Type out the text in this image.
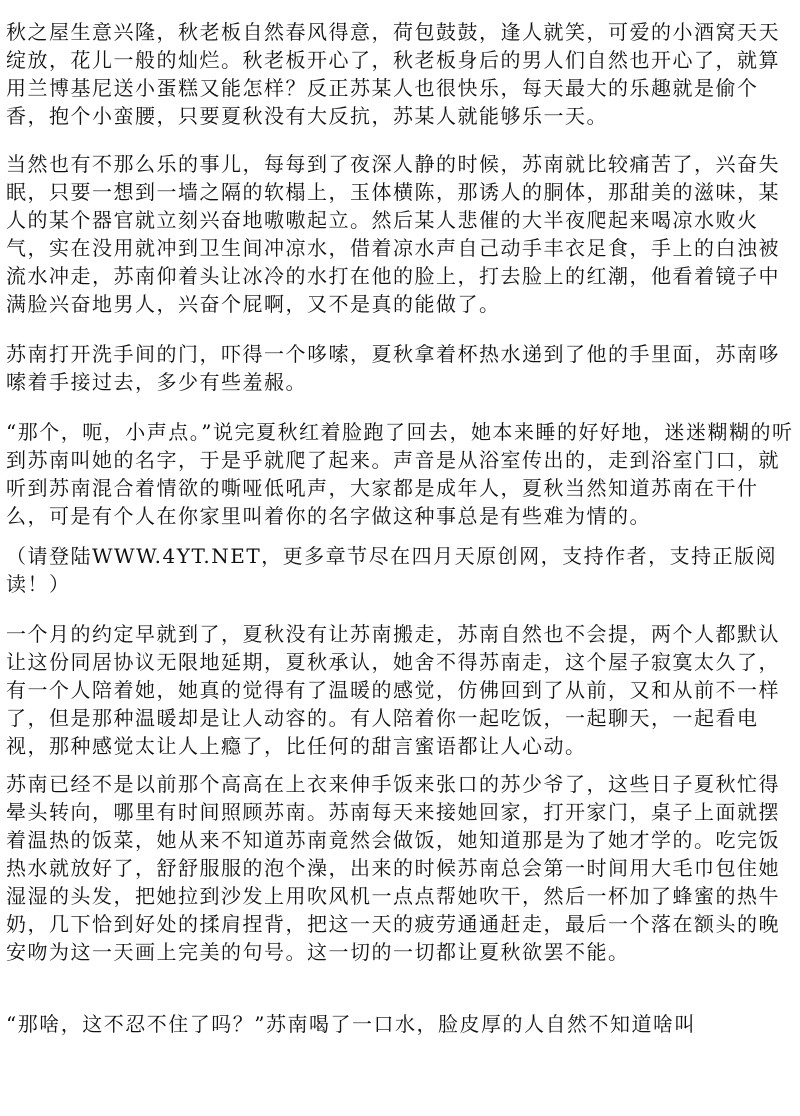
秋之屋生意兴隆，秋老板自然春风得意，荷包鼓鼓，逢人就笑，可爱的小酒窝天天绽放，花儿一般的灿烂。秋老板开心了，秋老板身后的男人们自然也开心了，就算用兰博基尼送小蛋糕又能怎样？反正苏某人也很快乐，每天最大的乐趣就是偷个香，抱个小蛮腰，只要夏秋没有大反抗，苏某人就能够乐一天。

当然也有不那么乐的事儿，每每到了夜深人静的时候，苏南就比较痛苦了，兴奋失眠，只要一想到一墙之隔的软榻上，玉体横陈，那诱人的胴体，那甜美的滋味，某人的某个器官就立刻兴奋地嗷嗷起立。然后某人悲催的大半夜爬起来喝凉水败火气，实在没用就冲到卫生间冲凉水，借着凉水声自己动手丰衣足食，手上的白浊被流水冲走，苏南仰着头让冰冷的水打在他的脸上，打去脸上的红潮，他看着镜子中满脸兴奋地男人，兴奋个屁啊，又不是真的能做了。

苏南打开洗手间的门，吓得一个哆嗦，夏秋拿着杯热水递到了他的手里面，苏南哆嗦着手接过去，多少有些羞赧。

“那个，呃，小声点。”说完夏秋红着脸跑了回去，她本来睡的好好地，迷迷糊糊的听到苏南叫她的名字，于是乎就爬了起来。声音是从浴室传出的，走到浴室门口，就听到苏南混合着情欲的嘶哑低吼声，大家都是成年人，夏秋当然知道苏南在干什么，可是有个人在你家里叫着你的名字做这种事总是有些难为情的。

（请登陆WWW.4YT.NET，更多章节尽在四月天原创网，支持作者，支持正版阅读！）

一个月的约定早就到了，夏秋没有让苏南搬走，苏南自然也不会提，两个人都默认让这份同居协议无限地延期，夏秋承认，她舍不得苏南走，这个屋子寂寞太久了，有一个人陪着她，她真的觉得有了温暖的感觉，仿佛回到了从前，又和从前不一样了，但是那种温暖却是让人动容的。有人陪着你一起吃饭，一起聊天，一起看电视，那种感觉太让人上瘾了，比任何的甜言蜜语都让人心动。

苏南已经不是以前那个高高在上衣来伸手饭来张口的苏少爷了，这些日子夏秋忙得晕头转向，哪里有时间照顾苏南。苏南每天来接她回家，打开家门，桌子上面就摆着温热的饭菜，她从来不知道苏南竟然会做饭，她知道那是为了她才学的。吃完饭热水就放好了，舒舒服服的泡个澡，出来的时候苏南总会第一时间用大毛巾包住她湿湿的头发，把她拉到沙发上用吹风机一点点帮她吹干，然后一杯加了蜂蜜的热牛奶，几下恰到好处的揉肩捏背，把这一天的疲劳通通赶走，最后一个落在额头的晚安吻为这一天画上完美的句号。这一切的一切都让夏秋欲罢不能。

“那啥，这不忍不住了吗？”苏南喝了一口水，脸皮厚的人自然不知道啥叫
